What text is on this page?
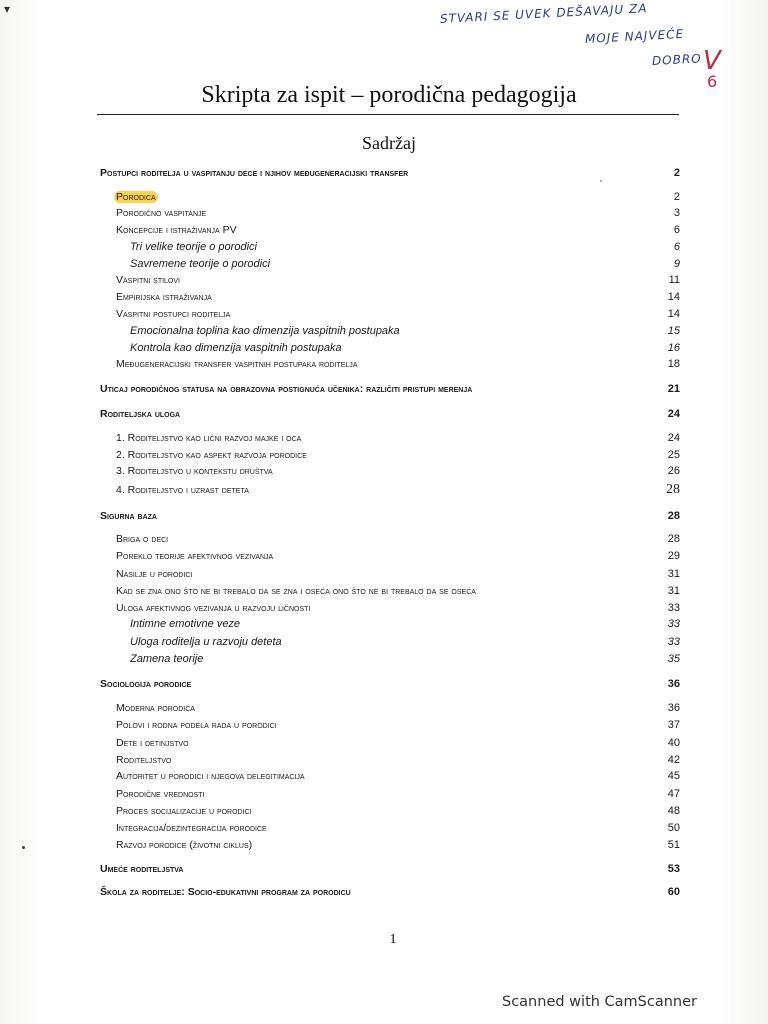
▾	STVARI SE UVEK DEŠAVAJU ZA
MOJE NAJVEĆE
DOBRO V
6
Skripta za ispit – porodična pedagogija
Sadržaj
Postupci roditelja u vaspitanju dece i njihov međugeneracijski transfer	2
Porodica	2
Porodično vaspitanje	3
Koncepcije i istraživanja PV	6
Tri velike teorije o porodici	6
Savremene teorije o porodici	9
Vaspitni stilovi	11
Empirijska istraživanja	14
Vaspitni postupci roditelja	14
Emocionalna toplina kao dimenzija vaspitnih postupaka	15
Kontrola kao dimenzija vaspitnih postupaka	16
Međugeneracijski transfer vaspitnih postupaka roditelja	18
Uticaj porodičnog statusa na obrazovna postignuća učenika: različiti pristupi merenja	21
Roditeljska uloga	24
1. Roditeljstvo kao lični razvoj majke i oca	24
2. Roditeljstvo kao aspekt razvoja porodice	25
3. Roditeljstvo u kontekstu društva	26
4. Roditeljstvo i uzrast deteta	28
Sigurna baza	28
Briga o deci	28
Poreklo teorije afektivnog vezivanja	29
Nasilje u porodici	31
Kad se zna ono što ne bi trebalo da se zna i oseća ono što ne bi trebalo da se oseća	31
Uloga afektivnog vezivanja u razvoju ličnosti	33
Intimne emotivne veze	33
Uloga roditelja u razvoju deteta	33
Zamena teorije	35
Sociologija porodice	36
Moderna porodica	36
Polovi i rodna podela rada u porodici	37
Dete i detinjstvo	40
Roditeljstvo	42
Autoritet u porodici i njegova delegitimacija	45
Porodične vrednosti	47
Proces socijalizacije u porodici	48
Integracija/dezintegracija porodice	50
Razvoj porodice (životni ciklus)	51
Umeće roditeljstva	53
Škola za roditelje: Socio-edukativni program za porodicu	60
1
Scanned with CamScanner
